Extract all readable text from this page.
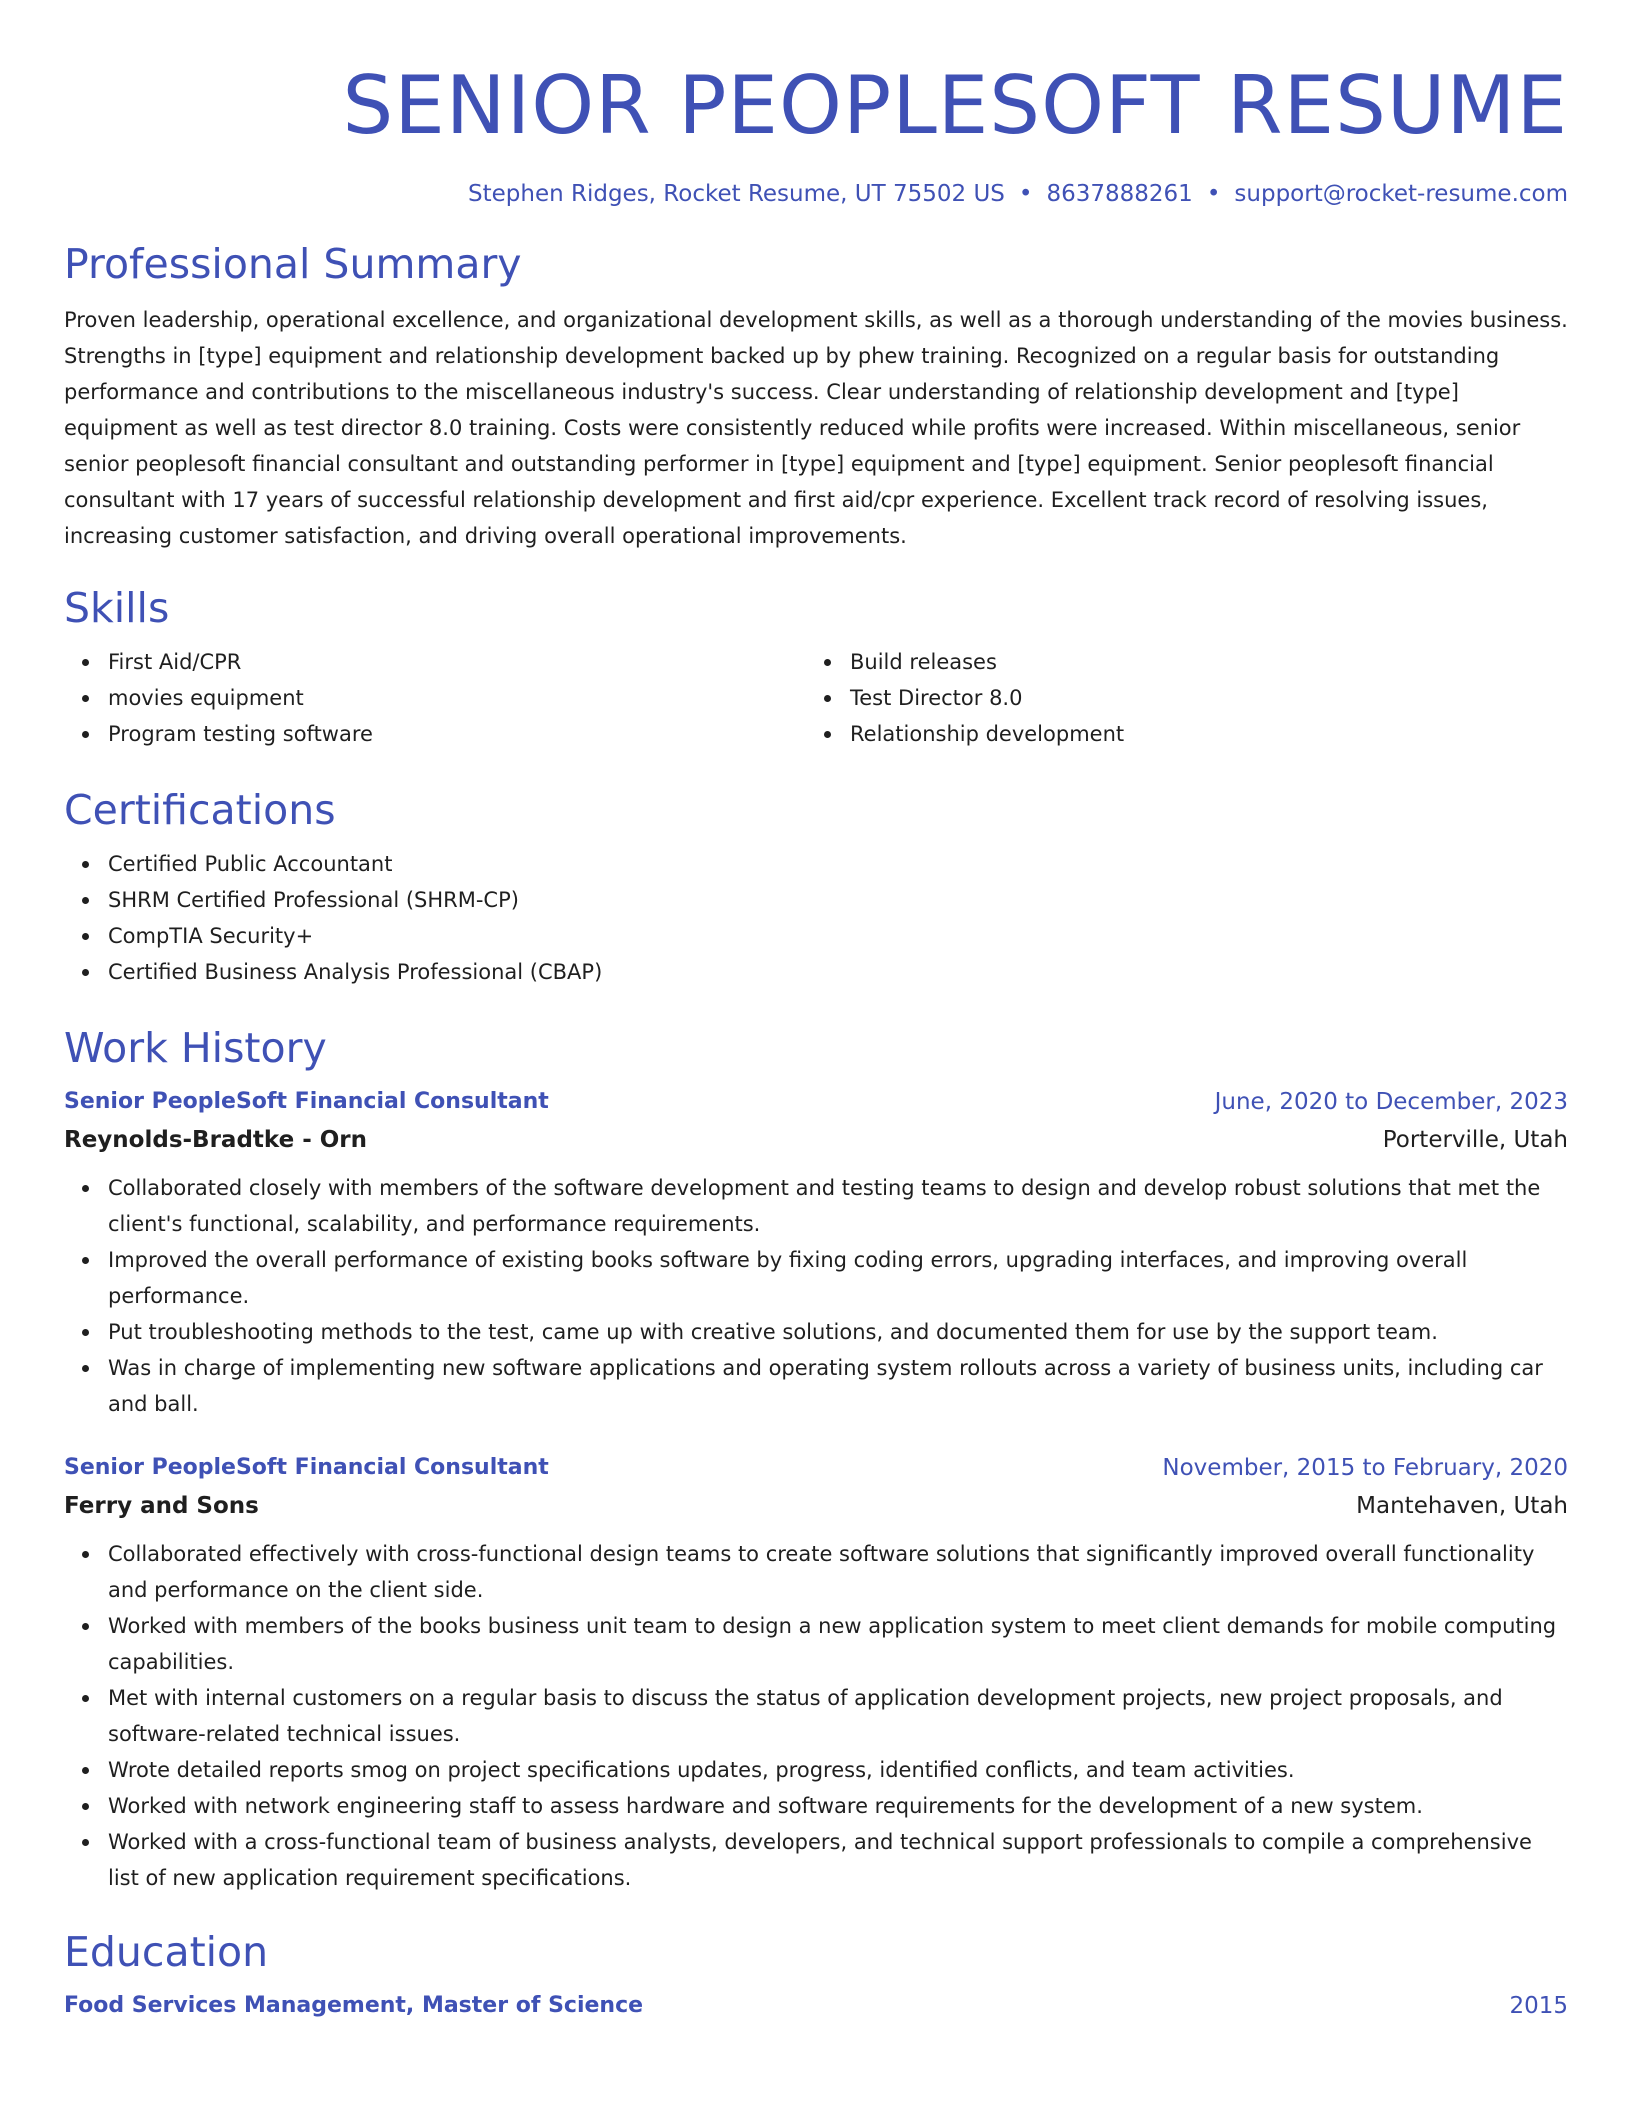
SENIOR PEOPLESOFT RESUME
Stephen Ridges, Rocket Resume, UT 75502 US • 8637888261 • support@rocket-resume.com
Professional Summary

Proven leadership, operational excellence, and organizational development skills, as well as a thorough understanding of the movies business. Strengths in [type] equipment and relationship development backed up by phew training. Recognized on a regular basis for outstanding performance and contributions to the miscellaneous industry's success. Clear understanding of relationship development and [type] equipment as well as test director 8.0 training. Costs were consistently reduced while profits were increased. Within miscellaneous, senior senior peoplesoft financial consultant and outstanding performer in [type] equipment and [type] equipment. Senior peoplesoft financial consultant with 17 years of successful relationship development and first aid/cpr experience. Excellent track record of resolving issues, increasing customer satisfaction, and driving overall operational improvements.

Skills
First Aid/CPR
movies equipment
Program testing software
Build releases
Test Director 8.0
Relationship development
Certifications
Certified Public Accountant
SHRM Certified Professional (SHRM-CP)
CompTIA Security+
Certified Business Analysis Professional (CBAP)
Work History
Senior PeopleSoft Financial Consultant	June, 2020 to December, 2023
Reynolds-Bradtke - Orn	Porterville, Utah
Collaborated closely with members of the software development and testing teams to design and develop robust solutions that met the client's functional, scalability, and performance requirements.
Improved the overall performance of existing books software by fixing coding errors, upgrading interfaces, and improving overall performance.
Put troubleshooting methods to the test, came up with creative solutions, and documented them for use by the support team.
Was in charge of implementing new software applications and operating system rollouts across a variety of business units, including car and ball.
Senior PeopleSoft Financial Consultant	November, 2015 to February, 2020
Ferry and Sons	Mantehaven, Utah
Collaborated effectively with cross-functional design teams to create software solutions that significantly improved overall functionality and performance on the client side.
Worked with members of the books business unit team to design a new application system to meet client demands for mobile computing capabilities.
Met with internal customers on a regular basis to discuss the status of application development projects, new project proposals, and software-related technical issues.
Wrote detailed reports smog on project specifications updates, progress, identified conflicts, and team activities.
Worked with network engineering staff to assess hardware and software requirements for the development of a new system.
Worked with a cross-functional team of business analysts, developers, and technical support professionals to compile a comprehensive list of new application requirement specifications.
Education
Food Services Management, Master of Science	2015
